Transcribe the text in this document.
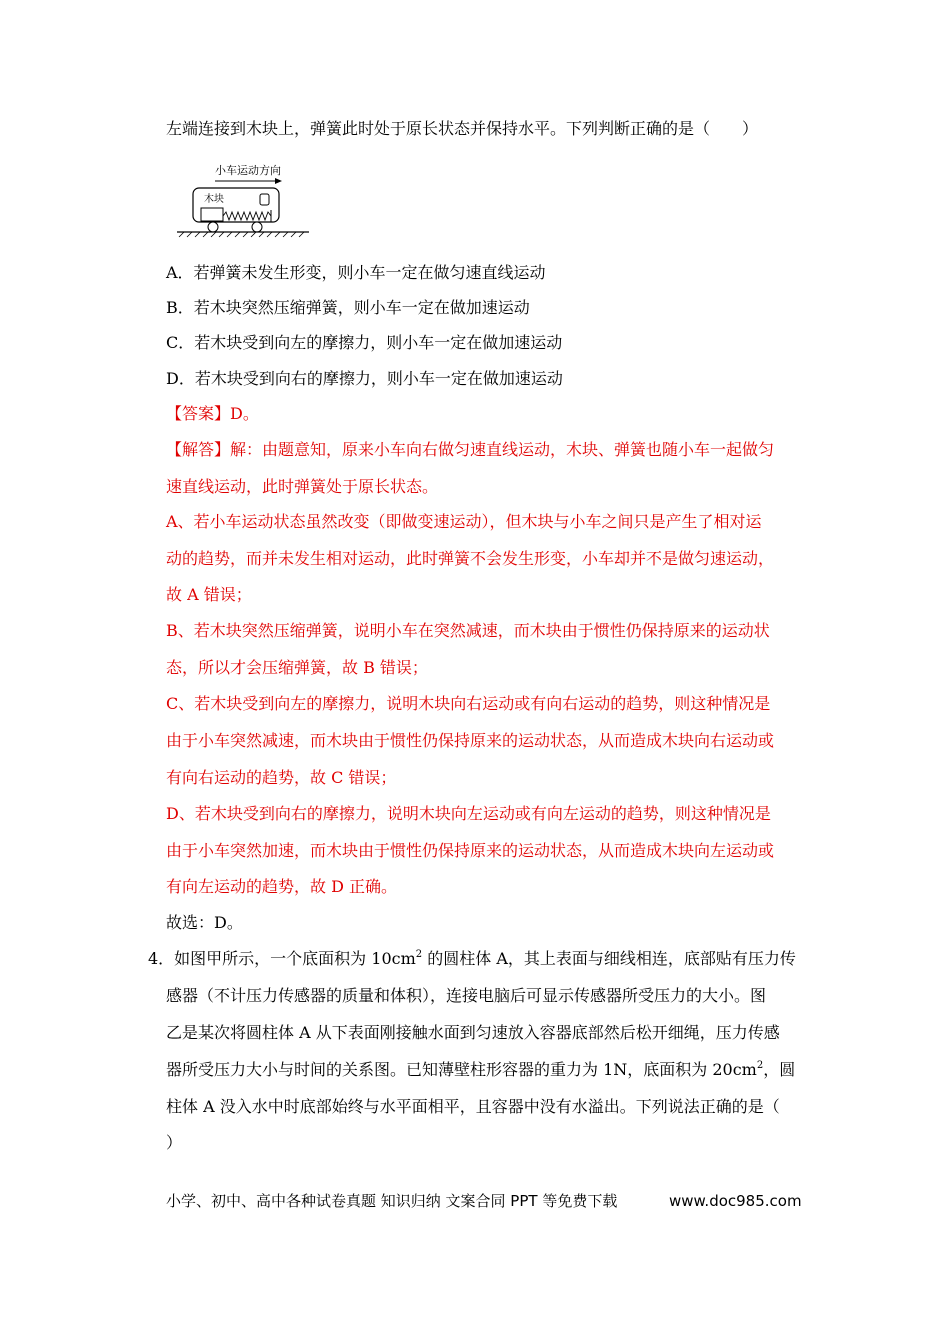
左端连接到木块上，弹簧此时处于原长状态并保持水平。下列判断正确的是（　　）
小车运动方向
木块
A．若弹簧未发生形变，则小车一定在做匀速直线运动
B．若木块突然压缩弹簧，则小车一定在做加速运动
C．若木块受到向左的摩擦力，则小车一定在做加速运动
D．若木块受到向右的摩擦力，则小车一定在做加速运动
【答案】D。
【解答】解：由题意知，原来小车向右做匀速直线运动，木块、弹簧也随小车一起做匀
速直线运动，此时弹簧处于原长状态。
A、若小车运动状态虽然改变（即做变速运动），但木块与小车之间只是产生了相对运
动的趋势，而并未发生相对运动，此时弹簧不会发生形变，小车却并不是做匀速运动，
故 A 错误；
B、若木块突然压缩弹簧，说明小车在突然减速，而木块由于惯性仍保持原来的运动状
态，所以才会压缩弹簧，故 B 错误；
C、若木块受到向左的摩擦力，说明木块向右运动或有向右运动的趋势，则这种情况是
由于小车突然减速，而木块由于惯性仍保持原来的运动状态，从而造成木块向右运动或
有向右运动的趋势，故 C 错误；
D、若木块受到向右的摩擦力，说明木块向左运动或有向左运动的趋势，则这种情况是
由于小车突然加速，而木块由于惯性仍保持原来的运动状态，从而造成木块向左运动或
有向左运动的趋势，故 D 正确。
故选：D。
4．如图甲所示，一个底面积为 $10cm^2$ 的圆柱体 A，其上表面与细线相连，底部贴有压力传
感器（不计压力传感器的质量和体积），连接电脑后可显示传感器所受压力的大小。图
乙是某次将圆柱体 A 从下表面刚接触水面到匀速放入容器底部然后松开细绳，压力传感
器所受压力大小与时间的关系图。已知薄壁柱形容器的重力为 1N，底面积为 $20cm^2$，圆
柱体 A 没入水中时底部始终与水平面相平，且容器中没有水溢出。下列说法正确的是（
）
小学、初中、高中各种试卷真题 知识归纳 文案合同 PPT 等免费下载	www.doc985.com
